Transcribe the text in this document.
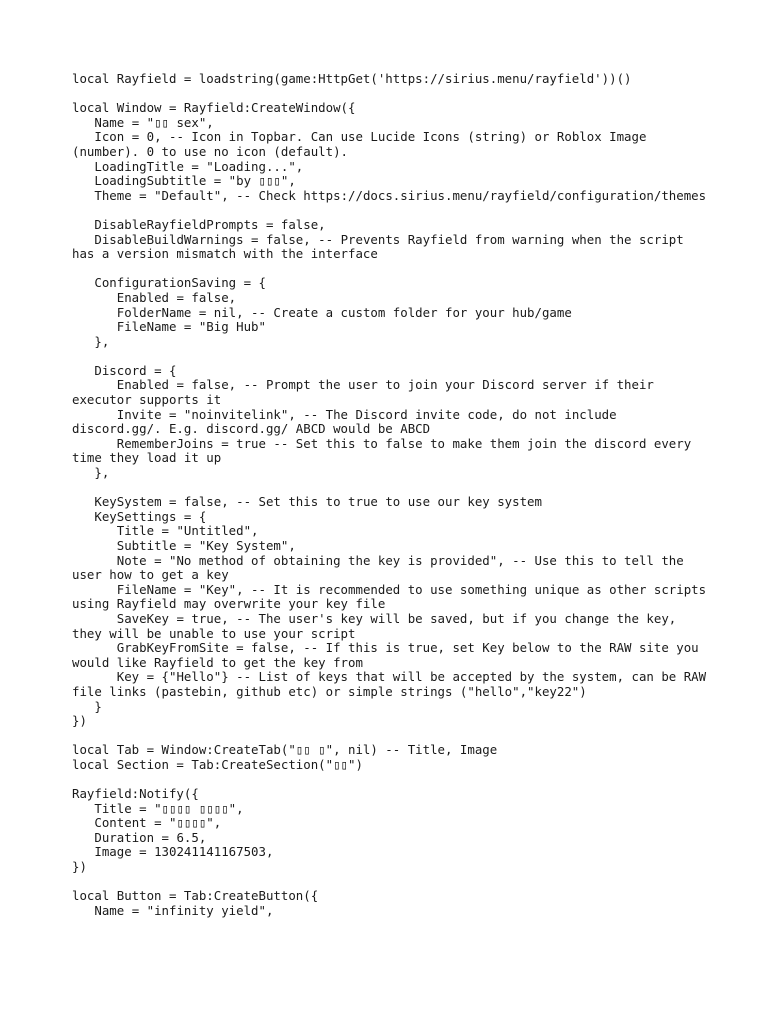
local Rayfield = loadstring(game:HttpGet('https://sirius.menu/rayfield'))()
local Window = Rayfield:CreateWindow({
Name = "▯▯ sex",
Icon = 0, -- Icon in Topbar. Can use Lucide Icons (string) or Roblox Image (number). 0 to use no icon (default).
LoadingTitle = "Loading...",
LoadingSubtitle = "by ▯▯▯",
Theme = "Default", -- Check https://docs.sirius.menu/rayfield/configuration/themes
DisableRayfieldPrompts = false,
DisableBuildWarnings = false, -- Prevents Rayfield from warning when the script has a version mismatch with the interface
ConfigurationSaving = {
Enabled = false,
FolderName = nil, -- Create a custom folder for your hub/game
FileName = "Big Hub"
},
Discord = {
Enabled = false, -- Prompt the user to join your Discord server if their executor supports it
Invite = "noinvitelink", -- The Discord invite code, do not include discord.gg/. E.g. discord.gg/ ABCD would be ABCD
RememberJoins = true -- Set this to false to make them join the discord every time they load it up
},
KeySystem = false, -- Set this to true to use our key system
KeySettings = {
Title = "Untitled",
Subtitle = "Key System",
Note = "No method of obtaining the key is provided", -- Use this to tell the user how to get a key
FileName = "Key", -- It is recommended to use something unique as other scripts using Rayfield may overwrite your key file
SaveKey = true, -- The user's key will be saved, but if you change the key, they will be unable to use your script
GrabKeyFromSite = false, -- If this is true, set Key below to the RAW site you would like Rayfield to get the key from
Key = {"Hello"} -- List of keys that will be accepted by the system, can be RAW file links (pastebin, github etc) or simple strings ("hello","key22")
}
})
local Tab = Window:CreateTab("▯▯ ▯", nil) -- Title, Image
local Section = Tab:CreateSection("▯▯")
Rayfield:Notify({
Title = "▯▯▯▯ ▯▯▯▯",
Content = "▯▯▯▯",
Duration = 6.5,
Image = 130241141167503,
})
local Button = Tab:CreateButton({
Name = "infinity yield",
